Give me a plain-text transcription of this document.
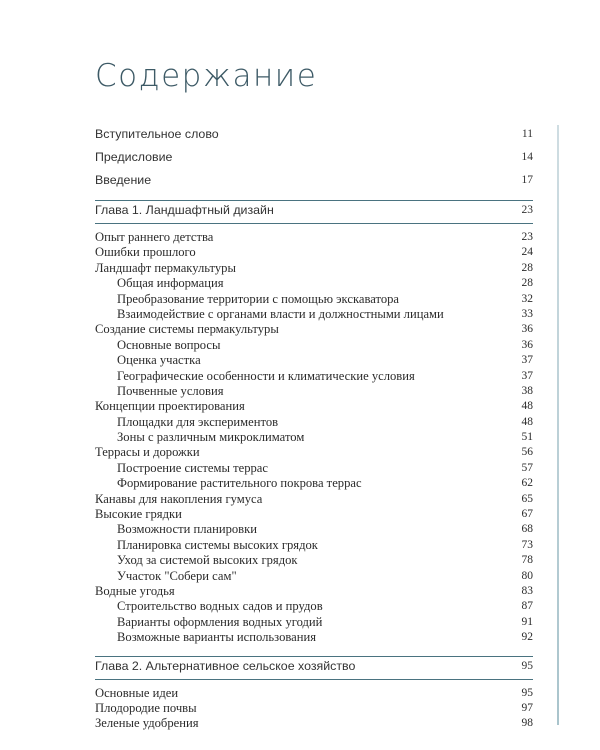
Содержание
Вступительное слово	11
Предисловие	14
Введение	17
Глава 1. Ландшафтный дизайн	23
Опыт раннего детства	23
Ошибки прошлого	24
Ландшафт пермакультуры	28
Общая информация	28
Преобразование территории с помощью экскаватора	32
Взаимодействие с органами власти и должностными лицами	33
Создание системы пермакультуры	36
Основные вопросы	36
Оценка участка	37
Географические особенности и климатические условия	37
Почвенные условия	38
Концепции проектирования	48
Площадки для экспериментов	48
Зоны с различным микроклиматом	51
Террасы и дорожки	56
Построение системы террас	57
Формирование растительного покрова террас	62
Канавы для накопления гумуса	65
Высокие грядки	67
Возможности планировки	68
Планировка системы высоких грядок	73
Уход за системой высоких грядок	78
Участок "Собери сам"	80
Водные угодья	83
Строительство водных садов и прудов	87
Варианты оформления водных угодий	91
Возможные варианты использования	92
Глава 2. Альтернативное сельское хозяйство	95
Основные идеи	95
Плодородие почвы	97
Зеленые удобрения	98
